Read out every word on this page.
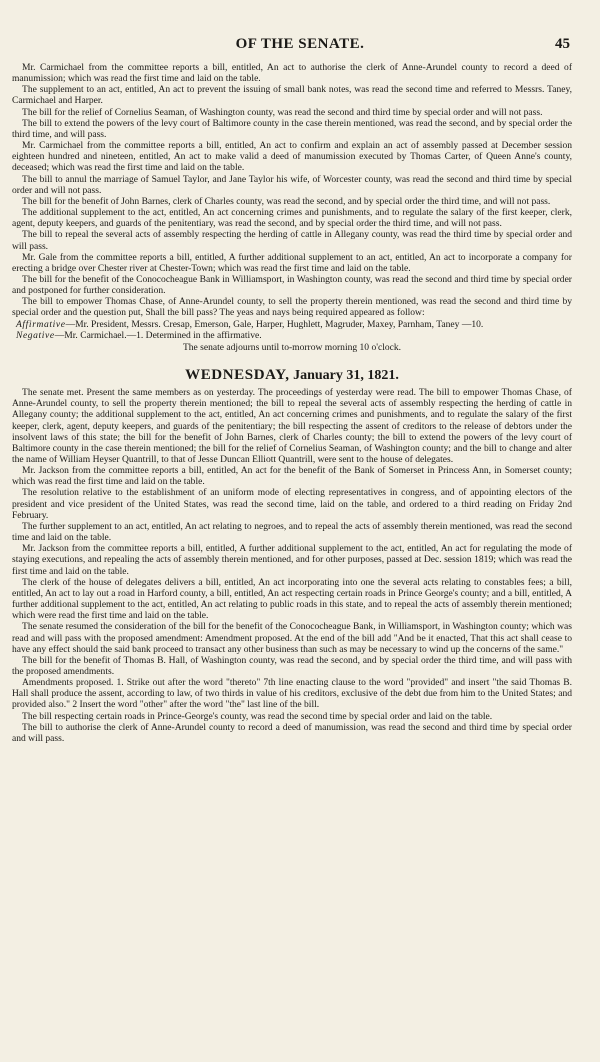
OF THE SENATE.	45

Mr. Carmichael from the committee reports a bill, entitled, An act to authorise the clerk of Anne-Arundel county to record a deed of manumission; which was read the first time and laid on the table.

The supplement to an act, entitled, An act to prevent the issuing of small bank notes, was read the second time and referred to Messrs. Taney, Carmichael and Harper.

The bill for the relief of Cornelius Seaman, of Washington county, was read the second and third time by special order and will not pass.

The bill to extend the powers of the levy court of Baltimore county in the case therein mentioned, was read the second, and by special order the third time, and will pass.

Mr. Carmichael from the committee reports a bill, entitled, An act to confirm and explain an act of assembly passed at December session eighteen hundred and nineteen, entitled, An act to make valid a deed of manumission executed by Thomas Carter, of Queen Anne's county, deceased; which was read the first time and laid on the table.

The bill to annul the marriage of Samuel Taylor, and Jane Taylor his wife, of Worcester county, was read the second and third time by special order and will not pass.

The bill for the benefit of John Barnes, clerk of Charles county, was read the second, and by special order the third time, and will not pass.

The additional supplement to the act, entitled, An act concerning crimes and punishments, and to regulate the salary of the first keeper, clerk, agent, deputy keepers, and guards of the penitentiary, was read the second, and by special order the third time, and will not pass.

The bill to repeal the several acts of assembly respecting the herding of cattle in Allegany county, was read the third time by special order and will pass.

Mr. Gale from the committee reports a bill, entitled, A further additional supplement to an act, entitled, An act to incorporate a company for erecting a bridge over Chester river at Chester-Town; which was read the first time and laid on the table.

The bill for the benefit of the Conococheague Bank in Williamsport, in Washington county, was read the second and third time by special order and postponed for further consideration.

The bill to empower Thomas Chase, of Anne-Arundel county, to sell the property therein mentioned, was read the second and third time by special order and the question put, Shall the bill pass? The yeas and nays being required appeared as follow:

Affirmative—Mr. President, Messrs. Cresap, Emerson, Gale, Harper, Hughlett, Magruder, Maxey, Parnham, Taney —10.

Negative—Mr. Carmichael.—1. Determined in the affirmative.

The senate adjourns until to-morrow morning 10 o'clock.

WEDNESDAY, January 31, 1821.

The senate met. Present the same members as on yesterday. The proceedings of yesterday were read. The bill to empower Thomas Chase, of Anne-Arundel county, to sell the property therein mentioned; the bill to repeal the several acts of assembly respecting the herding of cattle in Allegany county; the additional supplement to the act, entitled, An act concerning crimes and punishments, and to regulate the salary of the first keeper, clerk, agent, deputy keepers, and guards of the penitentiary; the bill respecting the assent of creditors to the release of debtors under the insolvent laws of this state; the bill for the benefit of John Barnes, clerk of Charles county; the bill to extend the powers of the levy court of Baltimore county in the case therein mentioned; the bill for the relief of Cornelius Seaman, of Washington county; and the bill to change and alter the name of William Heyser Quantrill, to that of Jesse Duncan Elliott Quantrill, were sent to the house of delegates.

Mr. Jackson from the committee reports a bill, entitled, An act for the benefit of the Bank of Somerset in Princess Ann, in Somerset county; which was read the first time and laid on the table.

The resolution relative to the establishment of an uniform mode of electing representatives in congress, and of appointing electors of the president and vice president of the United States, was read the second time, laid on the table, and ordered to a third reading on Friday 2nd February.

The further supplement to an act, entitled, An act relating to negroes, and to repeal the acts of assembly therein mentioned, was read the second time and laid on the table.

Mr. Jackson from the committee reports a bill, entitled, A further additional supplement to the act, entitled, An act for regulating the mode of staying executions, and repealing the acts of assembly therein mentioned, and for other purposes, passed at Dec. session 1819; which was read the first time and laid on the table.

The clerk of the house of delegates delivers a bill, entitled, An act incorporating into one the several acts relating to constables fees; a bill, entitled, An act to lay out a road in Harford county, a bill, entitled, An act respecting certain roads in Prince George's county; and a bill, entitled, A further additional supplement to the act, entitled, An act relating to public roads in this state, and to repeal the acts of assembly therein mentioned; which were read the first time and laid on the table.

The senate resumed the consideration of the bill for the benefit of the Conococheague Bank, in Williamsport, in Washington county; which was read and will pass with the proposed amendment: Amendment proposed. At the end of the bill add "And be it enacted, That this act shall cease to have any effect should the said bank proceed to transact any other business than such as may be necessary to wind up the concerns of the same."

The bill for the benefit of Thomas B. Hall, of Washington county, was read the second, and by special order the third time, and will pass with the proposed amendments.

Amendments proposed. 1. Strike out after the word "thereto" 7th line enacting clause to the word "provided" and insert "the said Thomas B. Hall shall produce the assent, according to law, of two thirds in value of his creditors, exclusive of the debt due from him to the United States; and provided also." 2 Insert the word "other" after the word "the" last line of the bill.

The bill respecting certain roads in Prince-George's county, was read the second time by special order and laid on the table.

The bill to authorise the clerk of Anne-Arundel county to record a deed of manumission, was read the second and third time by special order and will pass.
